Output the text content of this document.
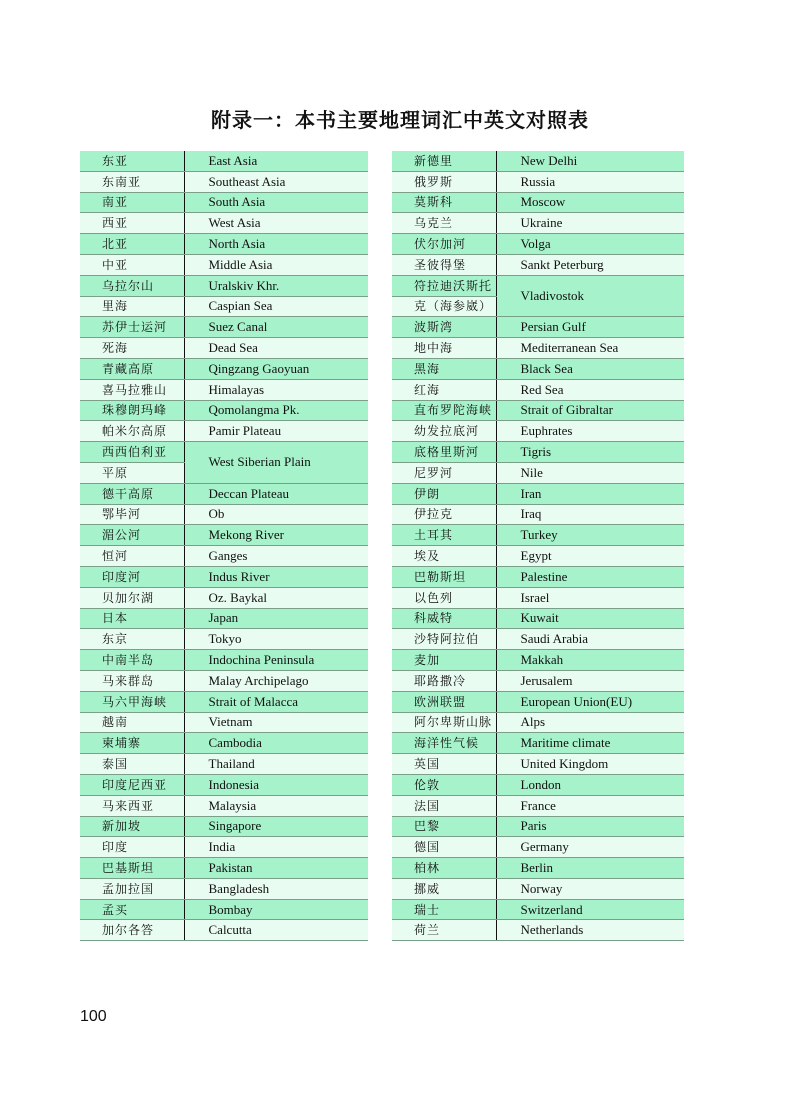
附录一：本书主要地理词汇中英文对照表
东亚	East Asia
东南亚	Southeast Asia
南亚	South Asia
西亚	West Asia
北亚	North Asia
中亚	Middle Asia
乌拉尔山	Uralskiv Khr.
里海	Caspian Sea
苏伊士运河	Suez Canal
死海	Dead Sea
青藏高原	Qingzang Gaoyuan
喜马拉雅山	Himalayas
珠穆朗玛峰	Qomolangma Pk.
帕米尔高原	Pamir Plateau
西西伯利亚	West Siberian Plain
平原	
德干高原	Deccan Plateau
鄂毕河	Ob
湄公河	Mekong River
恒河	Ganges
印度河	Indus River
贝加尔湖	Oz. Baykal
日本	Japan
东京	Tokyo
中南半岛	Indochina Peninsula
马来群岛	Malay Archipelago
马六甲海峡	Strait of Malacca
越南	Vietnam
柬埔寨	Cambodia
泰国	Thailand
印度尼西亚	Indonesia
马来西亚	Malaysia
新加坡	Singapore
印度	India
巴基斯坦	Pakistan
孟加拉国	Bangladesh
孟买	Bombay
加尔各答	Calcutta
新德里	New Delhi
俄罗斯	Russia
莫斯科	Moscow
乌克兰	Ukraine
伏尔加河	Volga
圣彼得堡	Sankt Peterburg
符拉迪沃斯托	Vladivostok
克（海参崴）	
波斯湾	Persian Gulf
地中海	Mediterranean Sea
黑海	Black Sea
红海	Red Sea
直布罗陀海峡	Strait of Gibraltar
幼发拉底河	Euphrates
底格里斯河	Tigris
尼罗河	Nile
伊朗	Iran
伊拉克	Iraq
土耳其	Turkey
埃及	Egypt
巴勒斯坦	Palestine
以色列	Israel
科威特	Kuwait
沙特阿拉伯	Saudi Arabia
麦加	Makkah
耶路撒冷	Jerusalem
欧洲联盟	European Union(EU)
阿尔卑斯山脉	Alps
海洋性气候	Maritime climate
英国	United Kingdom
伦敦	London
法国	France
巴黎	Paris
德国	Germany
柏林	Berlin
挪威	Norway
瑞士	Switzerland
荷兰	Netherlands
100
